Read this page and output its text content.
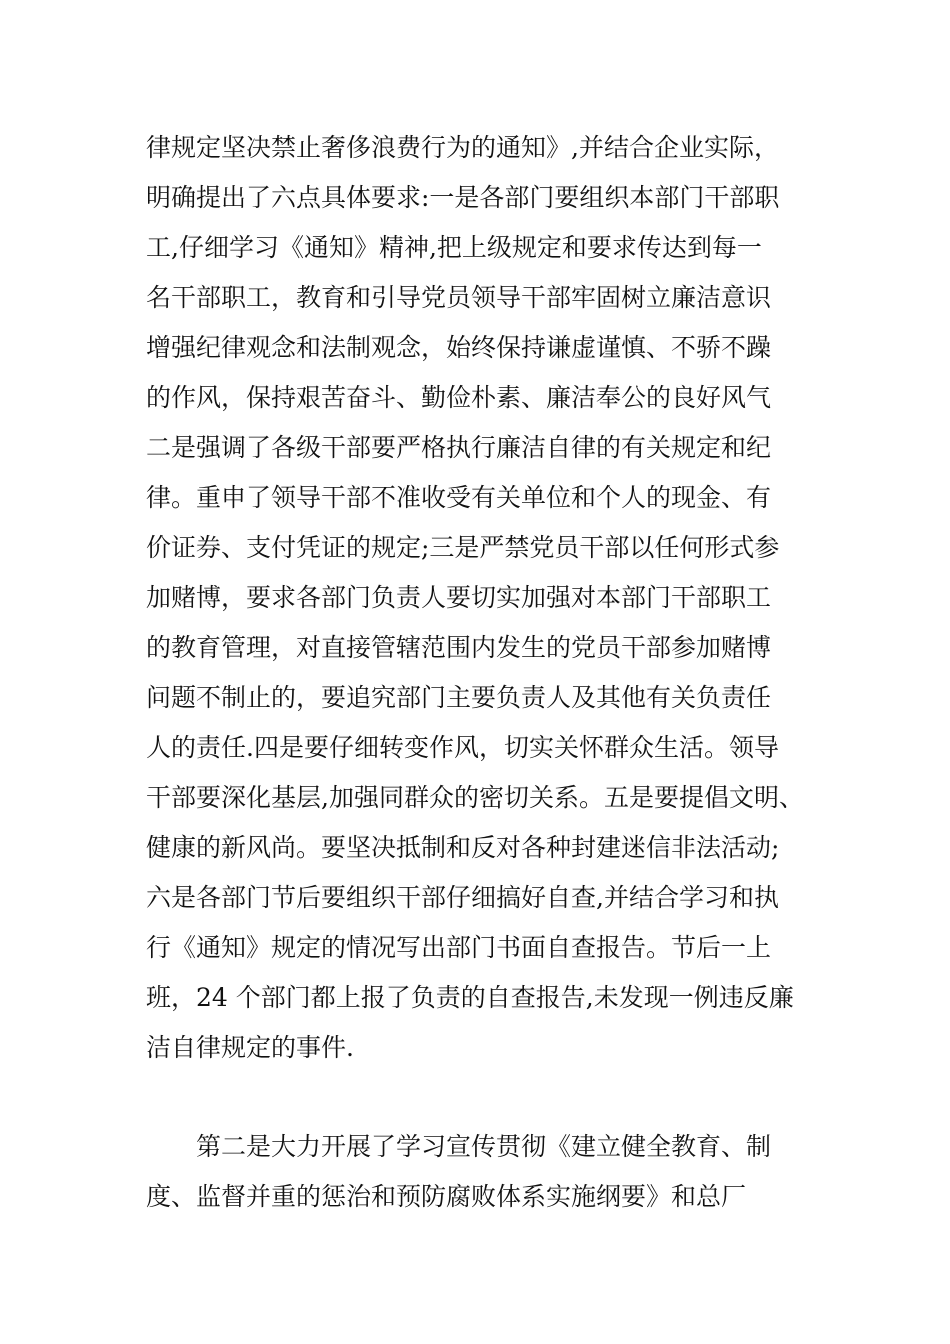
律规定坚决禁止奢侈浪费行为的通知》,并结合企业实际，
明确提出了六点具体要求:一是各部门要组织本部门干部职
工,仔细学习《通知》精神,把上级规定和要求传达到每一
名干部职工，教育和引导党员领导干部牢固树立廉洁意识
增强纪律观念和法制观念，始终保持谦虚谨慎、不骄不躁
的作风，保持艰苦奋斗、勤俭朴素、廉洁奉公的良好风气
二是强调了各级干部要严格执行廉洁自律的有关规定和纪
律。重申了领导干部不准收受有关单位和个人的现金、有
价证券、支付凭证的规定;三是严禁党员干部以任何形式参
加赌博，要求各部门负责人要切实加强对本部门干部职工
的教育管理，对直接管辖范围内发生的党员干部参加赌博
问题不制止的，要追究部门主要负责人及其他有关负责任
人的责任.四是要仔细转变作风，切实关怀群众生活。领导
干部要深化基层,加强同群众的密切关系。五是要提倡文明、
健康的新风尚。要坚决抵制和反对各种封建迷信非法活动;
六是各部门节后要组织干部仔细搞好自查,并结合学习和执
行《通知》规定的情况写出部门书面自查报告。节后一上
班，24 个部门都上报了负责的自查报告,未发现一例违反廉
洁自律规定的事件.
　　第二是大力开展了学习宣传贯彻《建立健全教育、制
度、监督并重的惩治和预防腐败体系实施纲要》和总厂
